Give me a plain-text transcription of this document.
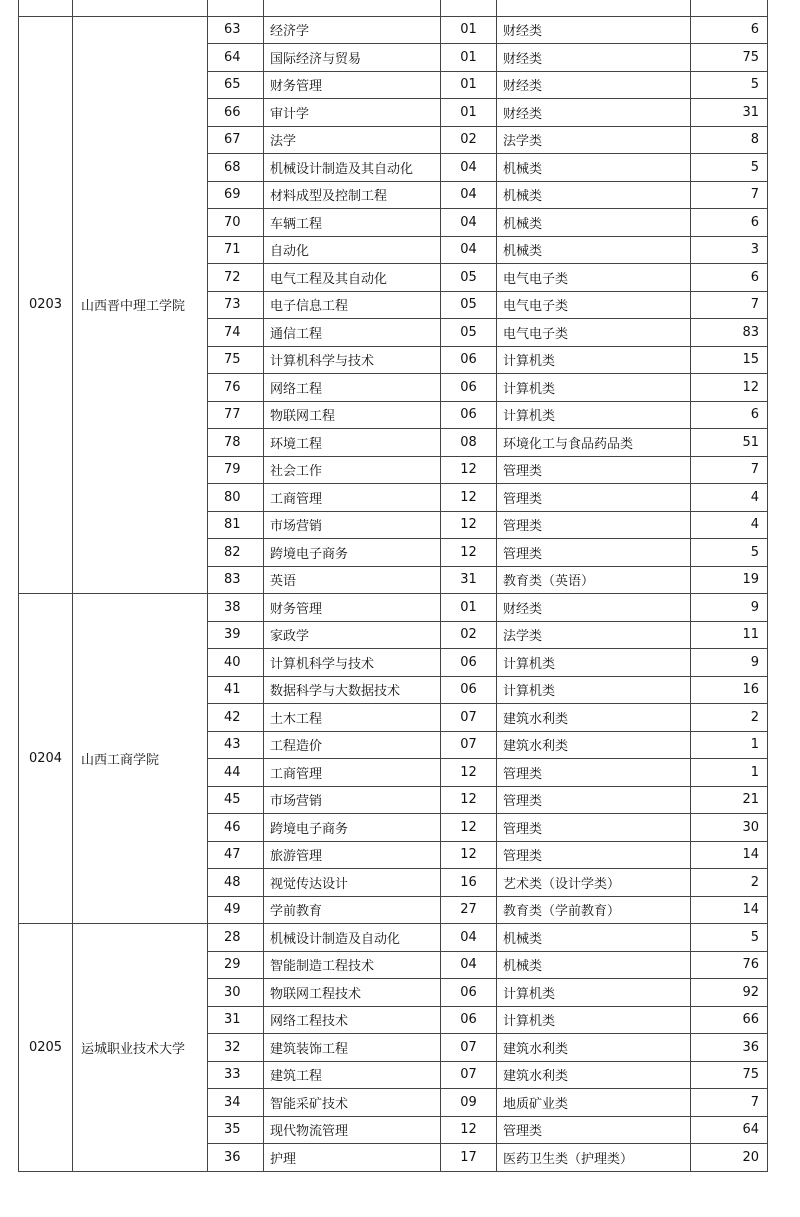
0203	山西晋中理工学院	63	经济学	01	财经类	6
		64	国际经济与贸易	01	财经类	75
		65	财务管理	01	财经类	5
		66	审计学	01	财经类	31
		67	法学	02	法学类	8
		68	机械设计制造及其自动化	04	机械类	5
		69	材料成型及控制工程	04	机械类	7
		70	车辆工程	04	机械类	6
		71	自动化	04	机械类	3
		72	电气工程及其自动化	05	电气电子类	6
		73	电子信息工程	05	电气电子类	7
		74	通信工程	05	电气电子类	83
		75	计算机科学与技术	06	计算机类	15
		76	网络工程	06	计算机类	12
		77	物联网工程	06	计算机类	6
		78	环境工程	08	环境化工与食品药品类	51
		79	社会工作	12	管理类	7
		80	工商管理	12	管理类	4
		81	市场营销	12	管理类	4
		82	跨境电子商务	12	管理类	5
		83	英语	31	教育类（英语）	19
0204	山西工商学院	38	财务管理	01	财经类	9
		39	家政学	02	法学类	11
		40	计算机科学与技术	06	计算机类	9
		41	数据科学与大数据技术	06	计算机类	16
		42	土木工程	07	建筑水利类	2
		43	工程造价	07	建筑水利类	1
		44	工商管理	12	管理类	1
		45	市场营销	12	管理类	21
		46	跨境电子商务	12	管理类	30
		47	旅游管理	12	管理类	14
		48	视觉传达设计	16	艺术类（设计学类）	2
		49	学前教育	27	教育类（学前教育）	14
0205	运城职业技术大学	28	机械设计制造及自动化	04	机械类	5
		29	智能制造工程技术	04	机械类	76
		30	物联网工程技术	06	计算机类	92
		31	网络工程技术	06	计算机类	66
		32	建筑装饰工程	07	建筑水利类	36
		33	建筑工程	07	建筑水利类	75
		34	智能采矿技术	09	地质矿业类	7
		35	现代物流管理	12	管理类	64
		36	护理	17	医药卫生类（护理类）	20
